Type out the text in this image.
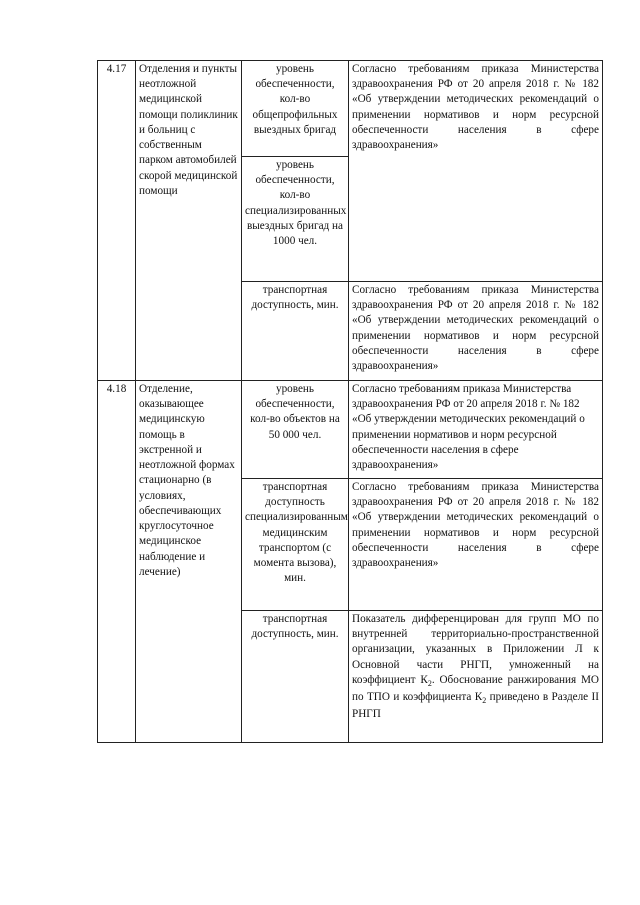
4.17	Отделения и пункты неотложной медицинской помощи поликлиник и больниц с собственным парком автомобилей скорой медицинской помощи	уровень обеспеченности, кол-во общепрофильных выездных бригад	Согласно требованиям приказа Министерства здравоохранения РФ от 20 апреля 2018 г. № 182 «Об утверждении методических рекомендаций о применении нормативов и норм ресурсной обеспеченности населения в сфере здравоохранения»
		уровень обеспеченности, кол-во специализированных выездных бригад на 1000 чел.	
		транспортная доступность, мин.	Согласно требованиям приказа Министерства здравоохранения РФ от 20 апреля 2018 г. № 182 «Об утверждении методических рекомендаций о применении нормативов и норм ресурсной обеспеченности населения в сфере здравоохранения»
4.18	Отделение, оказывающее медицинскую помощь в экстренной и неотложной формах стационарно (в условиях, обеспечивающих круглосуточное медицинское наблюдение и лечение)	уровень обеспеченности, кол-во объектов на 50 000 чел.	Согласно требованиям приказа Министерства здравоохранения РФ от 20 апреля 2018 г. № 182 «Об утверждении методических рекомендаций о применении нормативов и норм ресурсной обеспеченности населения в сфере здравоохранения»
		транспортная доступность специализированным медицинским транспортом (с момента вызова), мин.	Согласно требованиям приказа Министерства здравоохранения РФ от 20 апреля 2018 г. № 182 «Об утверждении методических рекомендаций о применении нормативов и норм ресурсной обеспеченности населения в сфере здравоохранения»
		транспортная доступность, мин.	Показатель дифференцирован для групп МО по внутренней территориально-пространственной организации, указанных в Приложении Л к Основной части РНГП, умноженный на коэффициент $К_2$. Обоснование ранжирования МО по ТПО и коэффициента $К_2$ приведено в Разделе II РНГП
